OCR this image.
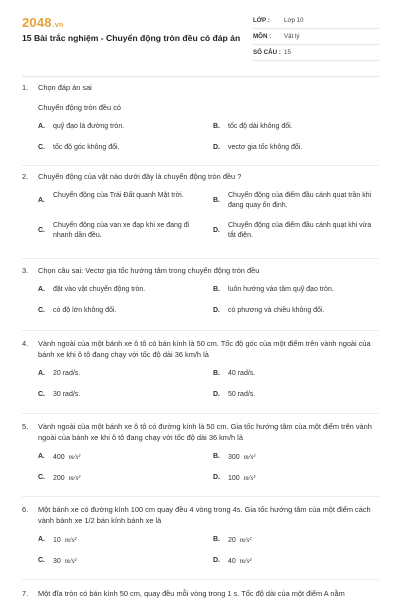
2048.vn
15 Bài trắc nghiệm - Chuyển động tròn đều có đáp án
LỚP : Lớp 10
MÔN : Vật lý
SỐ CÂU : 15
1. Chọn đáp án sai
Chuyển động tròn đều có
A.	quỹ đạo là đường tròn.	B.	tốc độ dài không đổi.
C.	tốc độ góc không đổi.	D.	vectơ gia tốc không đổi.
2. Chuyển động của vật nào dưới đây là chuyển động tròn đều ?
A.
Chuyển động của Trái Đất quanh Mặt trời.
B.
Chuyển động của điểm đầu cánh quạt trần khi đang quay ổn định.
C.
Chuyển động của van xe đạp khi xe đang đi nhanh dần đều.
D.
Chuyển động của điểm đầu cánh quạt khi vừa tắt điện.
3. Chọn câu sai: Vectơ gia tốc hướng tâm trong chuyển động tròn đều
A.	đặt vào vật chuyển động tròn.	B.	luôn hướng vào tâm quỹ đạo tròn.
C.	có độ lớn không đổi.	D.	có phương và chiều không đổi.
4. Vành ngoài của một bánh xe ô tô có bán kính là 50 cm. Tốc độ góc của một điểm trên vành ngoài của bánh xe khi ô tô đang chạy với tốc độ dài 36 km/h là
A.	20 rad/s.	B.	40 rad/s.
C.	30 rad/s.	D.	50 rad/s.
5. Vành ngoài của một bánh xe ô tô có đường kính là 50 cm. Gia tốc hướng tâm của một điểm trên vành ngoài của bánh xe khi ô tô đang chạy với tốc độ dài 36 km/h là
A.	400 m/s²	B.	300 m/s²
C.	200 m/s²	D.	100 m/s²
6. Một bánh xe có đường kính 100 cm quay đều 4 vòng trong 4s. Gia tốc hướng tâm của một điểm cách vành bánh xe 1/2 bán kính bánh xe là
A.	10 m/s²	B.	20 m/s²
C.	30 m/s²	D.	40 m/s²
7. Một đĩa tròn có bán kính 50 cm, quay đều mỗi vòng trong 1 s. Tốc độ dài của một điểm A nằm
